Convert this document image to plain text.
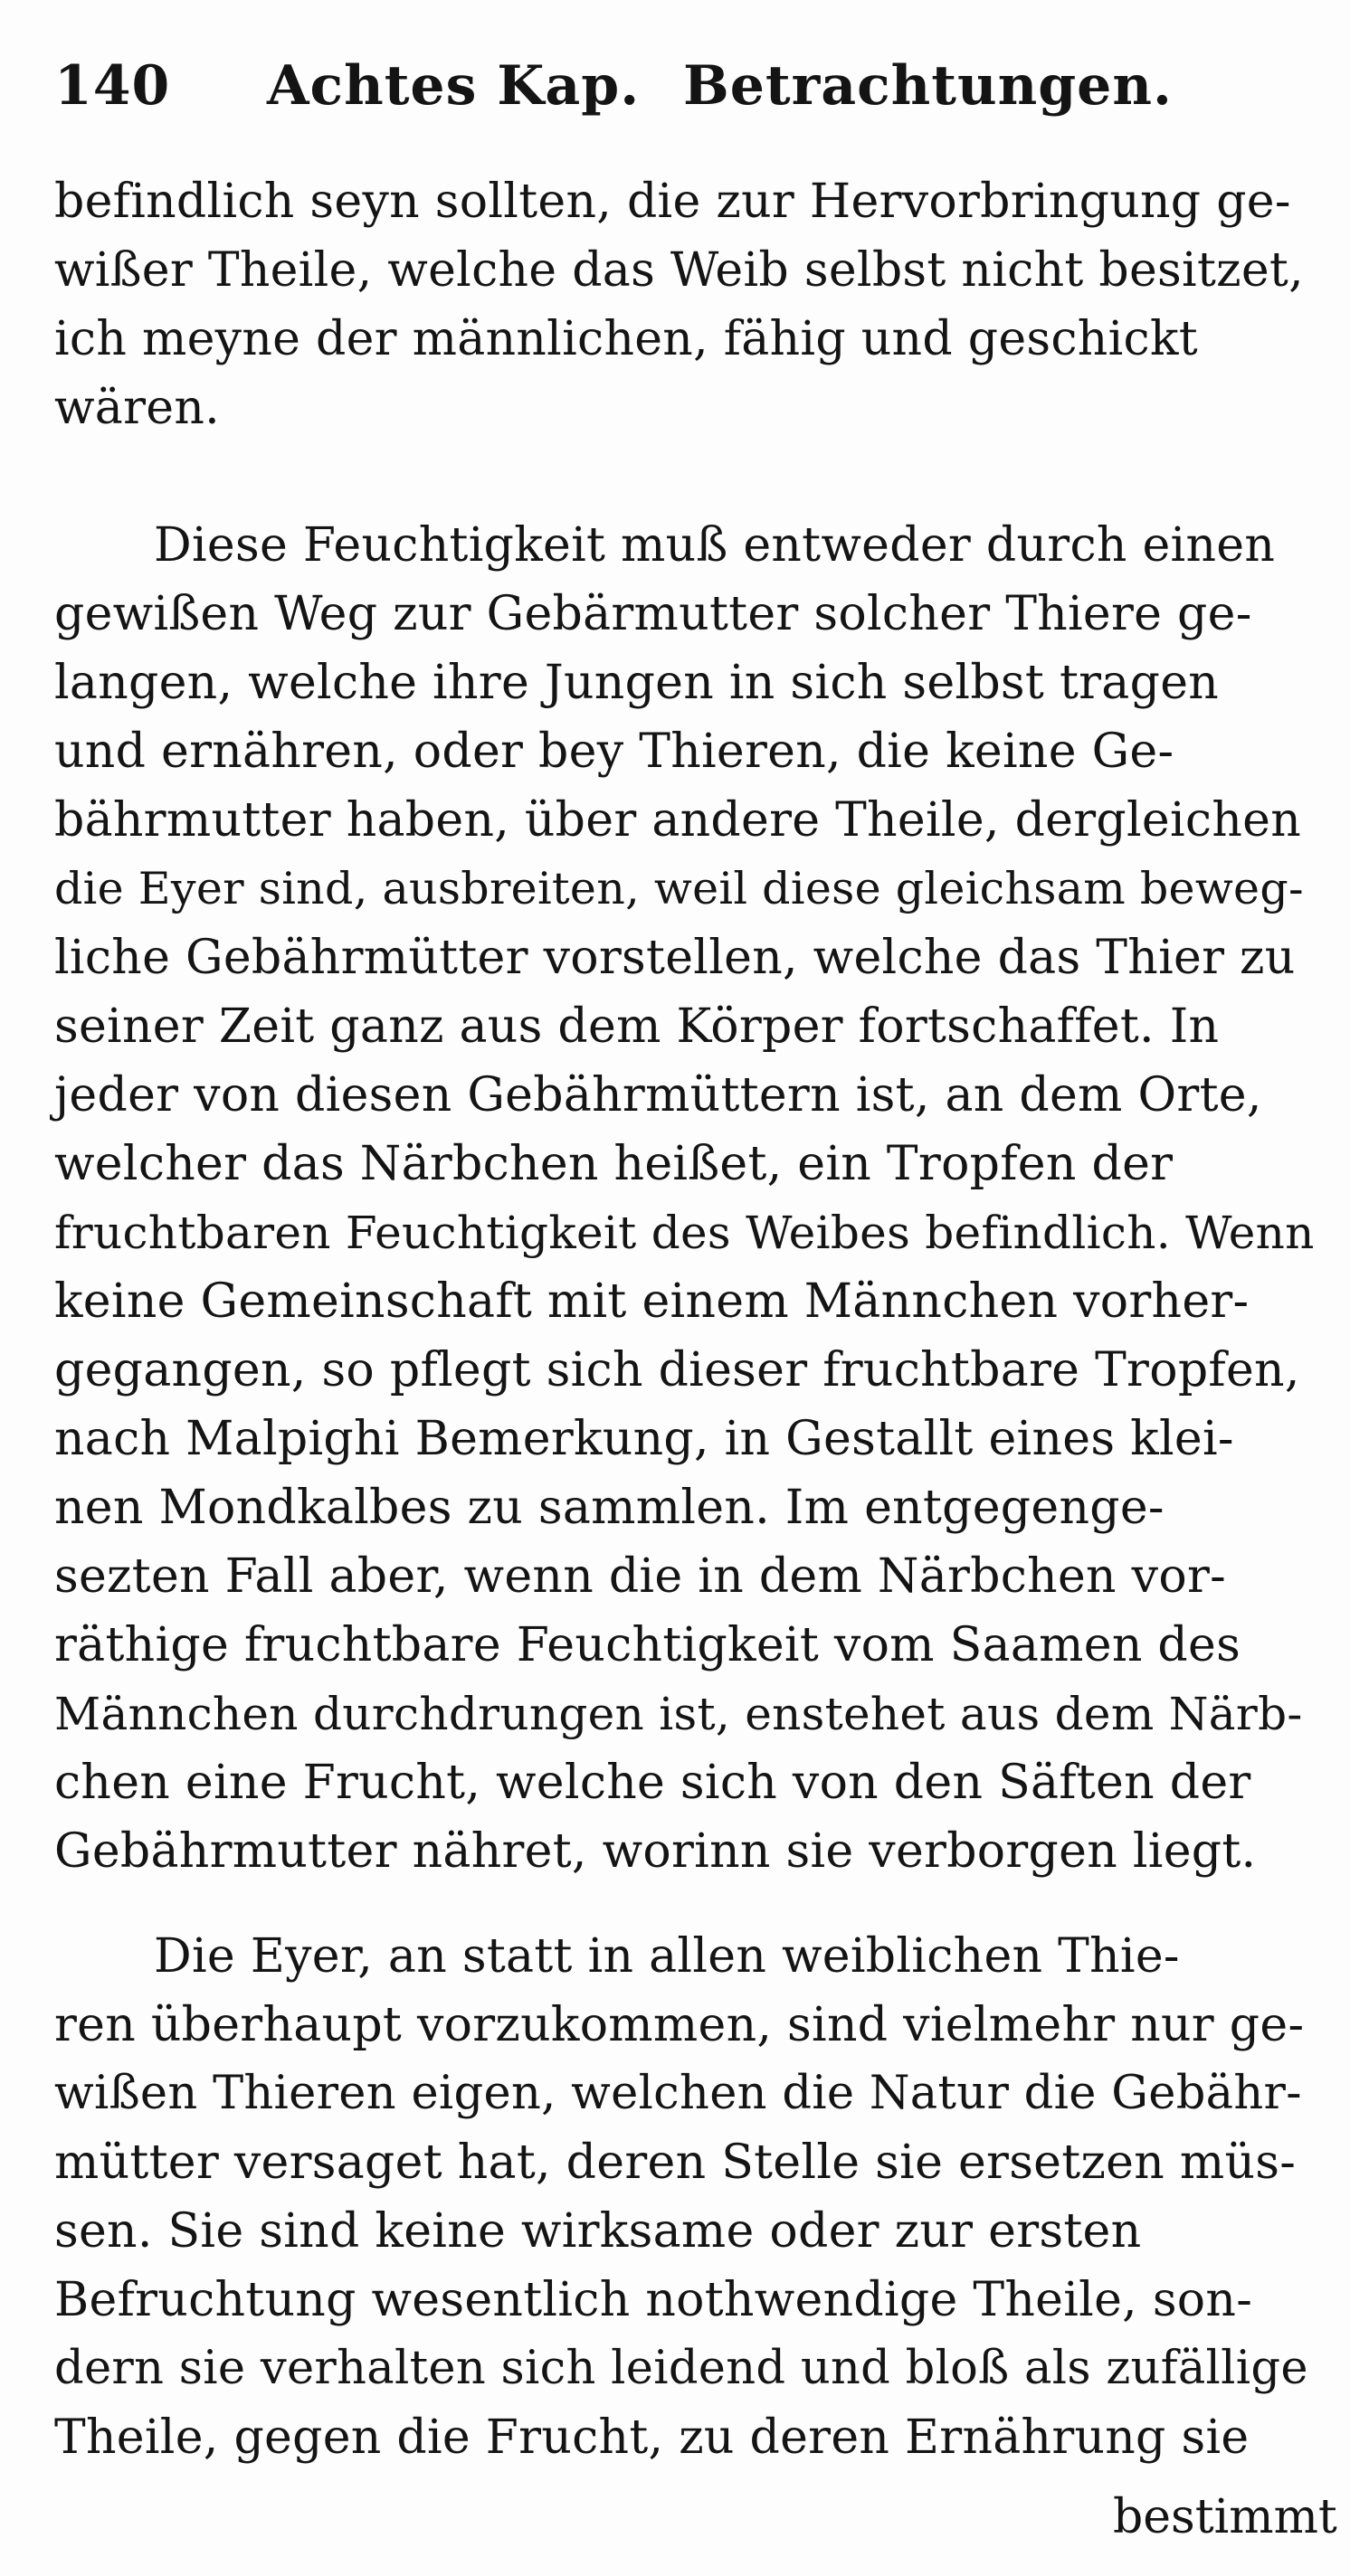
140 Achtes Kap. Betrachtungen.
befindlich seyn sollten, die zur Hervorbringung ge-
wißer Theile, welche das Weib selbst nicht besitzet,
ich meyne der männlichen, fähig und geschickt
wären.
Diese Feuchtigkeit muß entweder durch einen
gewißen Weg zur Gebärmutter solcher Thiere ge-
langen, welche ihre Jungen in sich selbst tragen
und ernähren, oder bey Thieren, die keine Ge-
bährmutter haben, über andere Theile, dergleichen
die Eyer sind, ausbreiten, weil diese gleichsam beweg-
liche Gebährmütter vorstellen, welche das Thier zu
seiner Zeit ganz aus dem Körper fortschaffet. In
jeder von diesen Gebährmüttern ist, an dem Orte,
welcher das Närbchen heißet, ein Tropfen der
fruchtbaren Feuchtigkeit des Weibes befindlich. Wenn
keine Gemeinschaft mit einem Männchen vorher-
gegangen, so pflegt sich dieser fruchtbare Tropfen,
nach Malpighi Bemerkung, in Gestallt eines klei-
nen Mondkalbes zu sammlen. Im entgegenge-
sezten Fall aber, wenn die in dem Närbchen vor-
räthige fruchtbare Feuchtigkeit vom Saamen des
Männchen durchdrungen ist, enstehet aus dem Närb-
chen eine Frucht, welche sich von den Säften der
Gebährmutter nähret, worinn sie verborgen liegt.
Die Eyer, an statt in allen weiblichen Thie-
ren überhaupt vorzukommen, sind vielmehr nur ge-
wißen Thieren eigen, welchen die Natur die Gebähr-
mütter versaget hat, deren Stelle sie ersetzen müs-
sen. Sie sind keine wirksame oder zur ersten
Befruchtung wesentlich nothwendige Theile, son-
dern sie verhalten sich leidend und bloß als zufällige
Theile, gegen die Frucht, zu deren Ernährung sie
bestimmt
